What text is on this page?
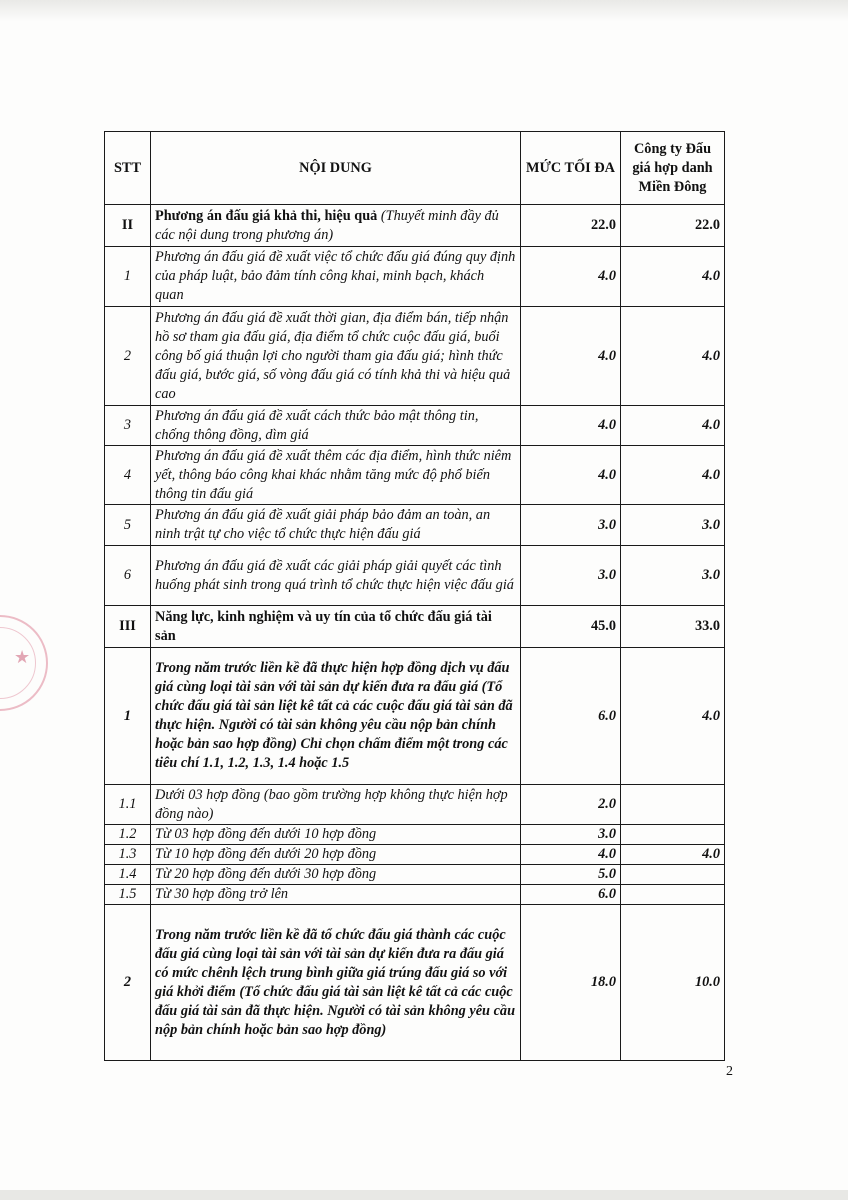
★
STT	NỘI DUNG	MỨC TỐI ĐA	Công ty Đấu giá hợp danh Miền Đông
II	Phương án đấu giá khả thi, hiệu quả (Thuyết minh đầy đủ các nội dung trong phương án)	22.0	22.0
1	Phương án đấu giá đề xuất việc tổ chức đấu giá đúng quy định của pháp luật, bảo đảm tính công khai, minh bạch, khách quan	4.0	4.0
2	Phương án đấu giá đề xuất thời gian, địa điểm bán, tiếp nhận hồ sơ tham gia đấu giá, địa điểm tổ chức cuộc đấu giá, buổi công bố giá thuận lợi cho người tham gia đấu giá; hình thức đấu giá, bước giá, số vòng đấu giá có tính khả thi và hiệu quả cao	4.0	4.0
3	Phương án đấu giá đề xuất cách thức bảo mật thông tin, chống thông đồng, dìm giá	4.0	4.0
4	Phương án đấu giá đề xuất thêm các địa điểm, hình thức niêm yết, thông báo công khai khác nhằm tăng mức độ phổ biến thông tin đấu giá	4.0	4.0
5	Phương án đấu giá đề xuất giải pháp bảo đảm an toàn, an ninh trật tự cho việc tổ chức thực hiện đấu giá	3.0	3.0
6	Phương án đấu giá đề xuất các giải pháp giải quyết các tình huống phát sinh trong quá trình tổ chức thực hiện việc đấu giá	3.0	3.0
III	Năng lực, kinh nghiệm và uy tín của tổ chức đấu giá tài sản	45.0	33.0
1	Trong năm trước liền kề đã thực hiện hợp đồng dịch vụ đấu giá cùng loại tài sản với tài sản dự kiến đưa ra đấu giá (Tổ chức đấu giá tài sản liệt kê tất cả các cuộc đấu giá tài sản đã thực hiện. Người có tài sản không yêu cầu nộp bản chính hoặc bản sao hợp đồng) Chỉ chọn chấm điểm một trong các tiêu chí 1.1, 1.2, 1.3, 1.4 hoặc 1.5	6.0	4.0
1.1	Dưới 03 hợp đồng (bao gồm trường hợp không thực hiện hợp đồng nào)	2.0	
1.2	Từ 03 hợp đồng đến dưới 10 hợp đồng	3.0	
1.3	Từ 10 hợp đồng đến dưới 20 hợp đồng	4.0	4.0
1.4	Từ 20 hợp đồng đến dưới 30 hợp đồng	5.0	
1.5	Từ 30 hợp đồng trở lên	6.0	
2	Trong năm trước liền kề đã tổ chức đấu giá thành các cuộc đấu giá cùng loại tài sản với tài sản dự kiến đưa ra đấu giá có mức chênh lệch trung bình giữa giá trúng đấu giá so với giá khởi điểm (Tổ chức đấu giá tài sản liệt kê tất cả các cuộc đấu giá tài sản đã thực hiện. Người có tài sản không yêu cầu nộp bản chính hoặc bản sao hợp đồng)	18.0	10.0
2
